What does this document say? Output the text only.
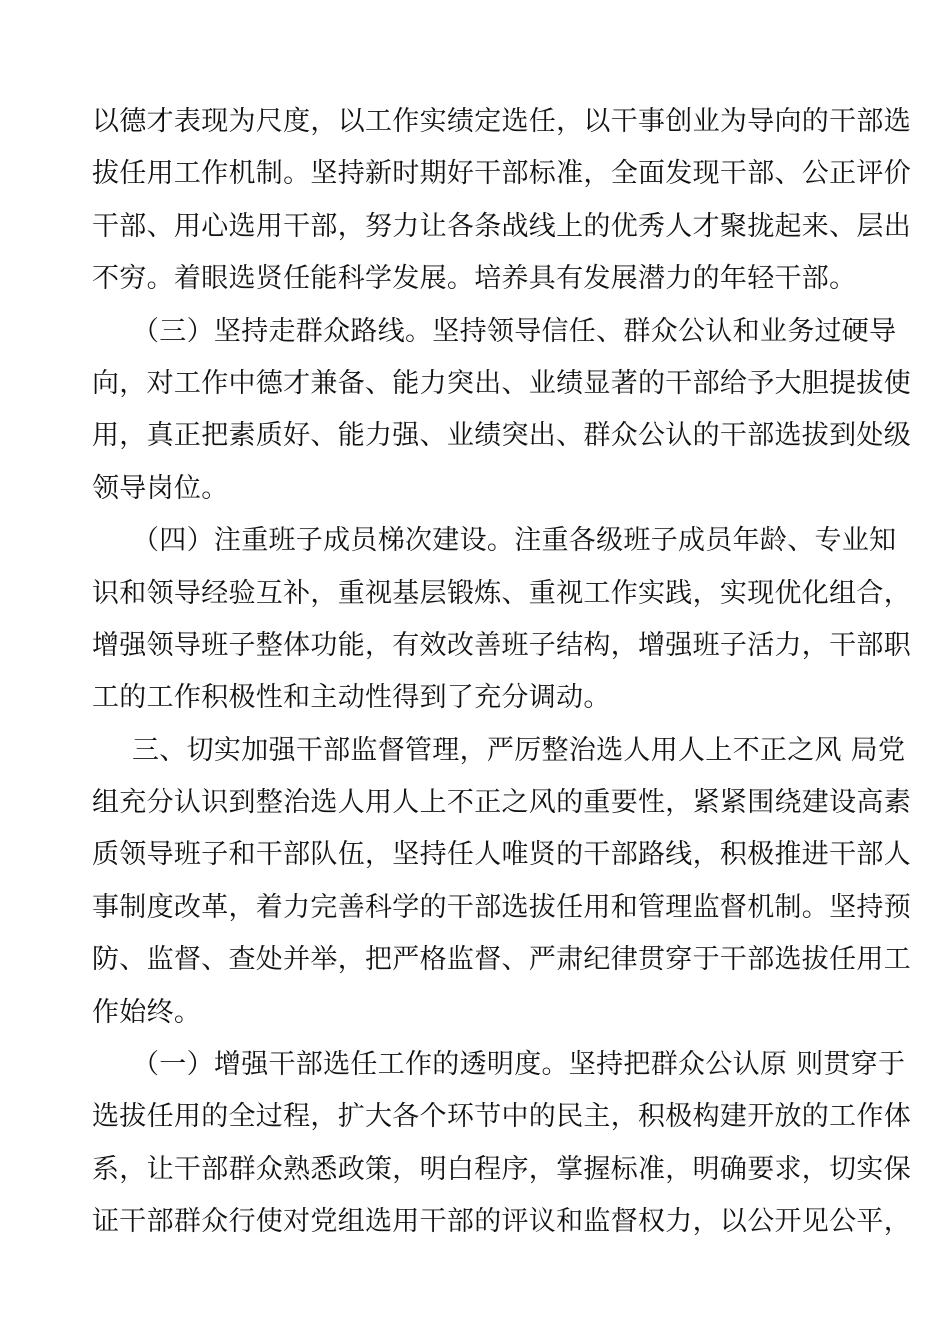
以德才表现为尺度，以工作实绩定选任，以干事创业为导向的干部选
拔任用工作机制。坚持新时期好干部标准，全面发现干部、公正评价
干部、用心选用干部，努力让各条战线上的优秀人才聚拢起来、层出
不穷。着眼选贤任能科学发展。培养具有发展潜力的年轻干部。
（三）坚持走群众路线。坚持领导信任、群众公认和业务过硬导
向，对工作中德才兼备、能力突出、业绩显著的干部给予大胆提拔使
用，真正把素质好、能力强、业绩突出、群众公认的干部选拔到处级
领导岗位。
（四）注重班子成员梯次建设。注重各级班子成员年龄、专业知
识和领导经验互补，重视基层锻炼、重视工作实践，实现优化组合，
增强领导班子整体功能，有效改善班子结构，增强班子活力，干部职
工的工作积极性和主动性得到了充分调动。
三、切实加强干部监督管理，严厉整治选人用人上不正之风 局党
组充分认识到整治选人用人上不正之风的重要性，紧紧围绕建设高素
质领导班子和干部队伍，坚持任人唯贤的干部路线，积极推进干部人
事制度改革，着力完善科学的干部选拔任用和管理监督机制。坚持预
防、监督、查处并举，把严格监督、严肃纪律贯穿于干部选拔任用工
作始终。
（一）增强干部选任工作的透明度。坚持把群众公认原 则贯穿于
选拔任用的全过程，扩大各个环节中的民主，积极构建开放的工作体
系，让干部群众熟悉政策，明白程序，掌握标准，明确要求，切实保
证干部群众行使对党组选用干部的评议和监督权力，以公开见公平，
